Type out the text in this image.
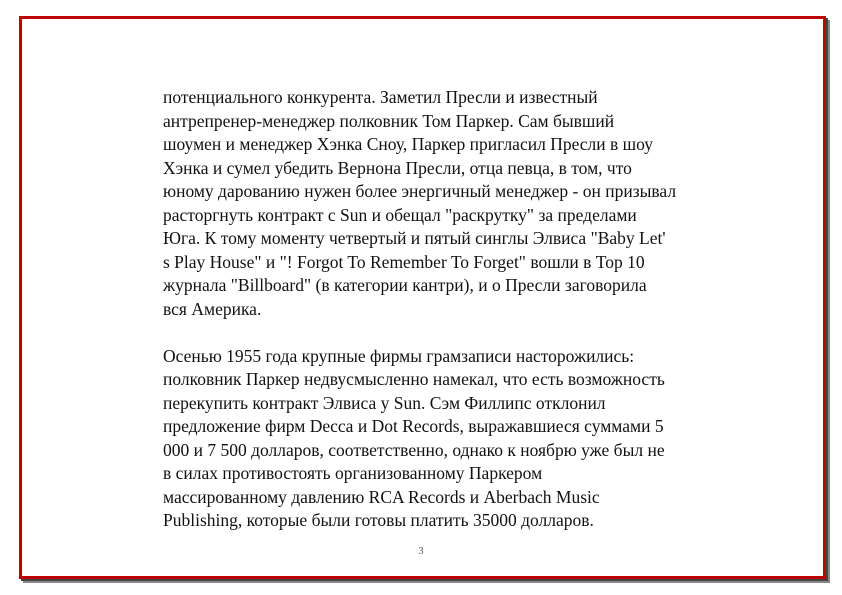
потенциального конкурента. Заметил Пресли и известный
антрепренер-менеджер полковник Том Паркер. Сам бывший
шоумен и менеджер Хэнка Сноу, Паркер пригласил Пресли в шоу
Хэнка и сумел убедить Вернона Пресли, отца певца, в том, что
юному дарованию нужен более энергичный менеджер - он призывал
расторгнуть контракт с Sun и обещал "раскрутку" за пределами
Юга. К тому моменту четвертый и пятый синглы Элвиса "Baby Let'
s Play House" и "! Forgot To Remember To Forget" вошли в Top 10
журнала "Billboard" (в категории кантри), и о Пресли заговорила
вся Америка.

Осенью 1955 года крупные фирмы грамзаписи насторожились:
полковник Паркер недвусмысленно намекал, что есть возможность
перекупить контракт Элвиса у Sun. Сэм Филлипс отклонил
предложение фирм Decca и Dot Records, выражавшиеся суммами 5
000 и 7 500 долларов, соответственно, однако к ноябрю уже был не
в силах противостоять организованному Паркером
массированному давлению RCA Records и Aberbach Music
Publishing, которые были готовы платить 35000 долларов.

3
